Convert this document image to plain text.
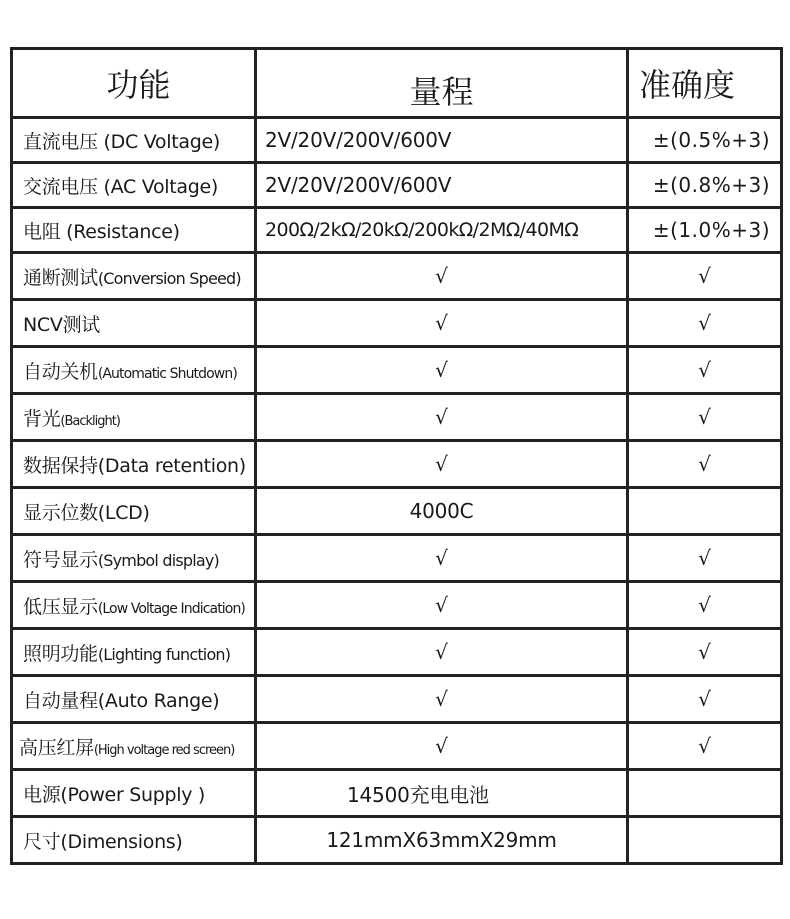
功能	量程	准确度
直流电压 (DC Voltage)	2V/20V/200V/600V	±(0.5%+3)
交流电压 (AC Voltage)	2V/20V/200V/600V	±(0.8%+3)
电阻 (Resistance)	200Ω/2kΩ/20kΩ/200kΩ/2MΩ/40MΩ	±(1.0%+3)
通断测试(Conversion Speed)	√	√
NCV测试	√	√
自动关机(Automatic Shutdown)	√	√
背光(Backlight)	√	√
数据保持(Data retention)	√	√
显示位数(LCD)	4000C	
符号显示(Symbol display)	√	√
低压显示(Low Voltage Indication)	√	√
照明功能(Lighting function)	√	√
自动量程(Auto Range)	√	√
高压红屏(High voltage red screen)	√	√
电源(Power Supply )	14500充电电池	
尺寸(Dimensions)	121mmX63mmX29mm	
